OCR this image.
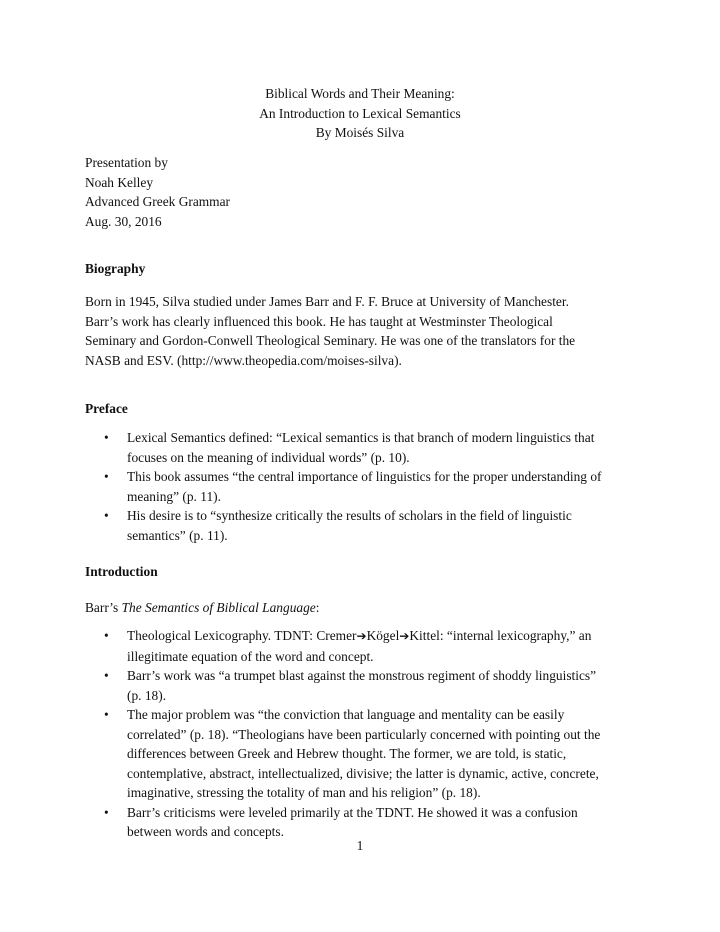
Biblical Words and Their Meaning:
An Introduction to Lexical Semantics
By Moisés Silva
Presentation by
Noah Kelley
Advanced Greek Grammar
Aug. 30, 2016
Biography
Born in 1945, Silva studied under James Barr and F. F. Bruce at University of Manchester.
Barr’s work has clearly influenced this book. He has taught at Westminster Theological
Seminary and Gordon-Conwell Theological Seminary. He was one of the translators for the
NASB and ESV. (http://www.theopedia.com/moises-silva).
Preface
• Lexical Semantics defined: “Lexical semantics is that branch of modern linguistics that
focuses on the meaning of individual words” (p. 10).
• This book assumes “the central importance of linguistics for the proper understanding of
meaning” (p. 11).
• His desire is to “synthesize critically the results of scholars in the field of linguistic
semantics” (p. 11).
Introduction
Barr’s The Semantics of Biblical Language:
• Theological Lexicography. TDNT: Cremer➔Kögel➔Kittel: “internal lexicography,” an
illegitimate equation of the word and concept.
• Barr’s work was “a trumpet blast against the monstrous regiment of shoddy linguistics”
(p. 18).
• The major problem was “the conviction that language and mentality can be easily
correlated” (p. 18). “Theologians have been particularly concerned with pointing out the
differences between Greek and Hebrew thought. The former, we are told, is static,
contemplative, abstract, intellectualized, divisive; the latter is dynamic, active, concrete,
imaginative, stressing the totality of man and his religion” (p. 18).
• Barr’s criticisms were leveled primarily at the TDNT. He showed it was a confusion
between words and concepts.
1
